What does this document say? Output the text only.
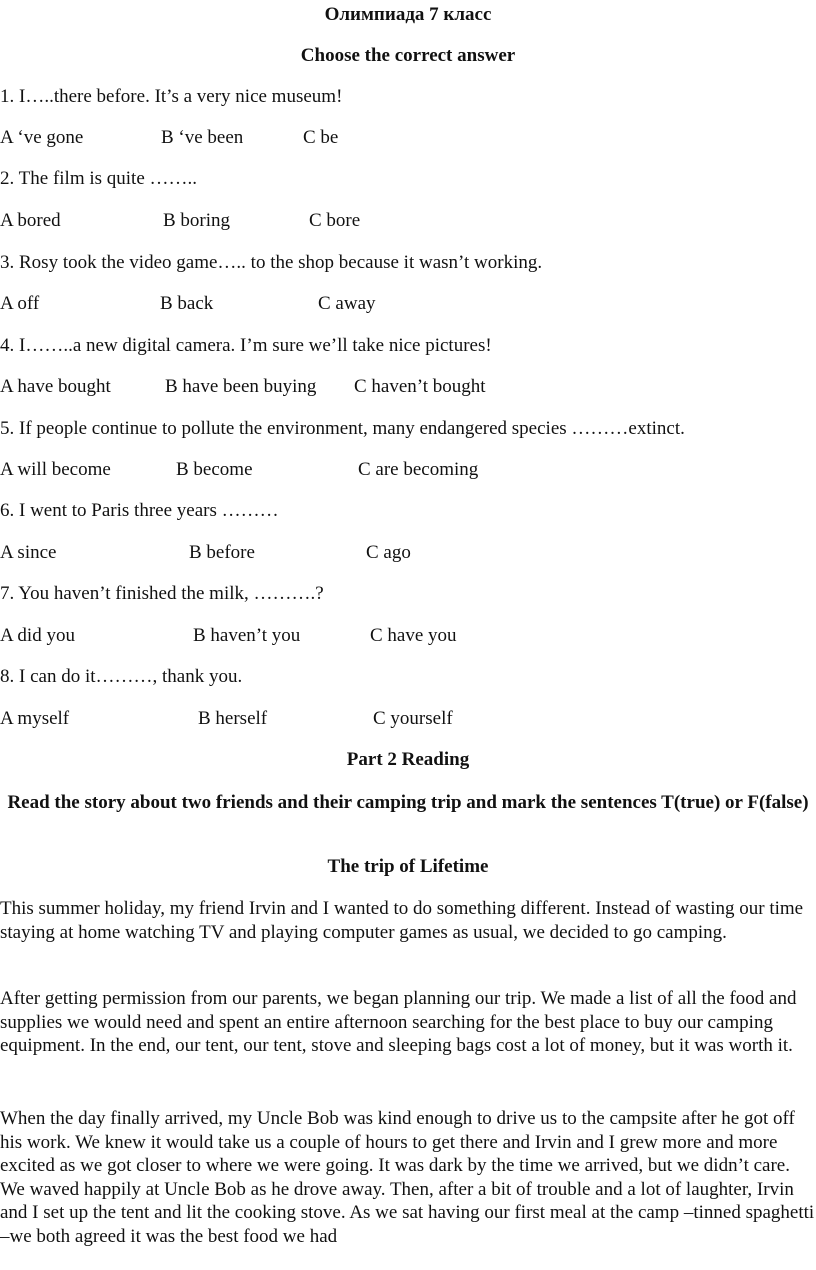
Олимпиада 7 класс
Choose the correct answer
1. I…..there before. It’s a very nice museum!
A ‘ve gone	B ‘ve been	C be
2. The film is quite ……..
A bored	B boring	C bore
3. Rosy took the video game….. to the shop because it wasn’t working.
A off	B back	C away
4. I……..a new digital camera. I’m sure we’ll take nice pictures!
A have bought	B have been buying C haven’t bought
5. If people continue to pollute the environment, many endangered species ………extinct.
A will become	B become	C are becoming
6. I went to Paris three years ………
A since	B before	C ago
7. You haven’t finished the milk, ……….?
A did you	B haven’t you	C have you
8. I can do it………, thank you.
A myself	B herself	C yourself
Part 2 Reading
Read the story about two friends and their camping trip and mark the sentences T(true) or F(false)
The trip of Lifetime
This summer holiday, my friend Irvin and I wanted to do something different. Instead of wasting our time staying at home watching TV and playing computer games as usual, we decided to go camping.
After getting permission from our parents, we began planning our trip. We made a list of all the food and supplies we would need and spent an entire afternoon searching for the best place to buy our camping equipment. In the end, our tent, our tent, stove and sleeping bags cost a lot of money, but it was worth it.
When the day finally arrived, my Uncle Bob was kind enough to drive us to the campsite after he got off his work. We knew it would take us a couple of hours to get there and Irvin and I grew more and more excited as we got closer to where we were going. It was dark by the time we arrived, but we didn’t care. We waved happily at Uncle Bob as he drove away. Then, after a bit of trouble and a lot of laughter, Irvin and I set up the tent and lit the cooking stove. As we sat having our first meal at the camp –tinned spaghetti –we both agreed it was the best food we had
